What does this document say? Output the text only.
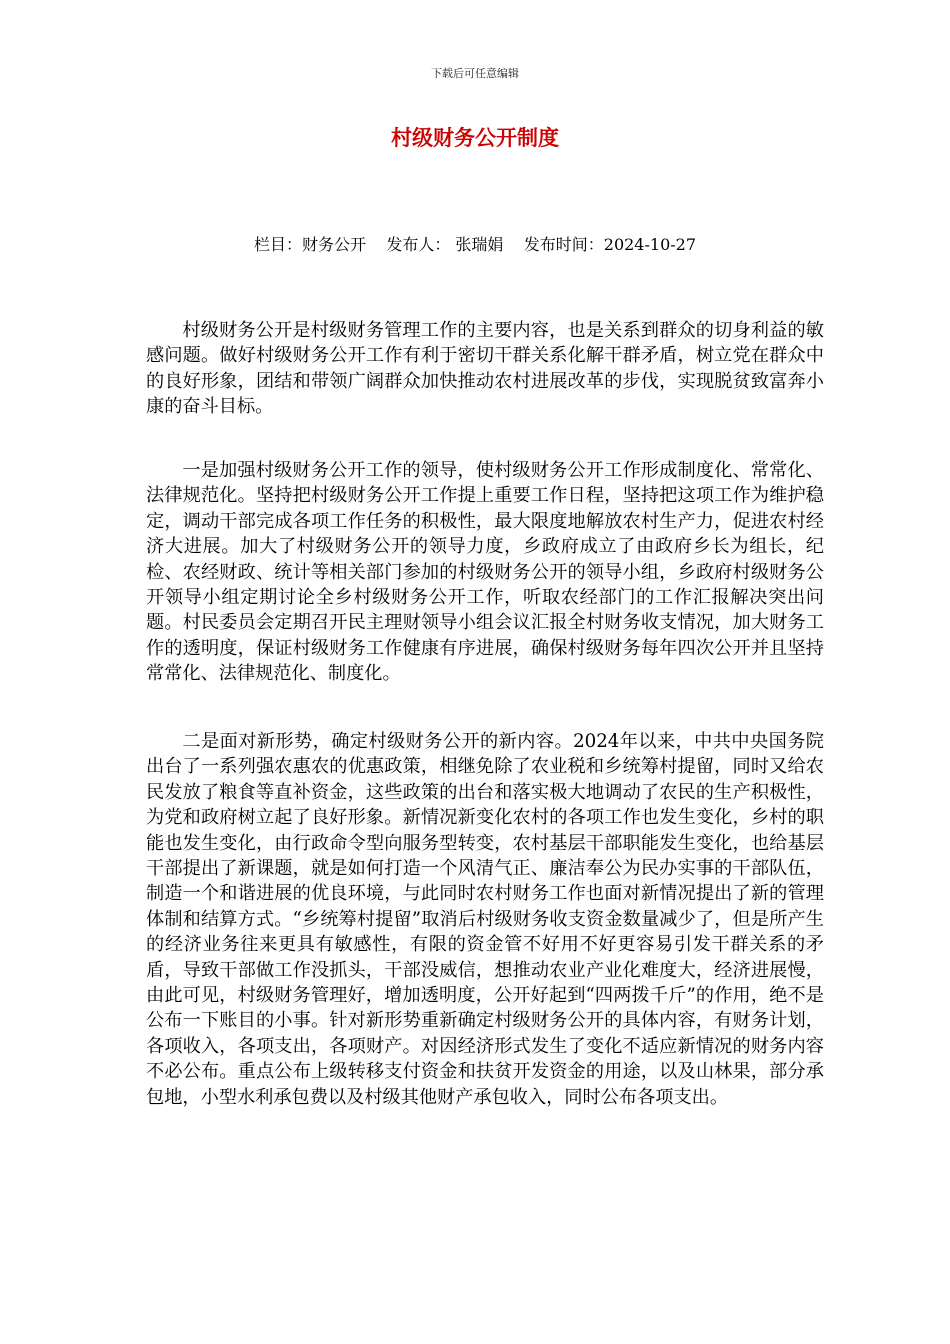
下载后可任意编辑
村级财务公开制度
栏目：财务公开    发布人： 张瑞娟    发布时间：2024-10-27

村级财务公开是村级财务管理工作的主要内容，也是关系到群众的切身利益的敏感问题。做好村级财务公开工作有利于密切干群关系化解干群矛盾，树立党在群众中的良好形象，团结和带领广阔群众加快推动农村进展改革的步伐，实现脱贫致富奔小康的奋斗目标。

一是加强村级财务公开工作的领导，使村级财务公开工作形成制度化、常常化、法律规范化。坚持把村级财务公开工作提上重要工作日程，坚持把这项工作为维护稳定，调动干部完成各项工作任务的积极性，最大限度地解放农村生产力，促进农村经济大进展。加大了村级财务公开的领导力度，乡政府成立了由政府乡长为组长，纪检、农经财政、统计等相关部门参加的村级财务公开的领导小组，乡政府村级财务公开领导小组定期讨论全乡村级财务公开工作，听取农经部门的工作汇报解决突出问题。村民委员会定期召开民主理财领导小组会议汇报全村财务收支情况，加大财务工作的透明度，保证村级财务工作健康有序进展，确保村级财务每年四次公开并且坚持常常化、法律规范化、制度化。

二是面对新形势，确定村级财务公开的新内容。2024年以来，中共中央国务院出台了一系列强农惠农的优惠政策，相继免除了农业税和乡统筹村提留，同时又给农民发放了粮食等直补资金，这些政策的出台和落实极大地调动了农民的生产积极性，为党和政府树立起了良好形象。新情况新变化农村的各项工作也发生变化，乡村的职能也发生变化，由行政命令型向服务型转变，农村基层干部职能发生变化，也给基层干部提出了新课题，就是如何打造一个风清气正、廉洁奉公为民办实事的干部队伍，制造一个和谐进展的优良环境，与此同时农村财务工作也面对新情况提出了新的管理体制和结算方式。“乡统筹村提留”取消后村级财务收支资金数量减少了，但是所产生的经济业务往来更具有敏感性，有限的资金管不好用不好更容易引发干群关系的矛盾，导致干部做工作没抓头，干部没威信，想推动农业产业化难度大，经济进展慢，由此可见，村级财务管理好，增加透明度，公开好起到“四两拨千斤”的作用，绝不是公布一下账目的小事。针对新形势重新确定村级财务公开的具体内容，有财务计划，各项收入，各项支出，各项财产。对因经济形式发生了变化不适应新情况的财务内容不必公布。重点公布上级转移支付资金和扶贫开发资金的用途，以及山林果，部分承包地，小型水利承包费以及村级其他财产承包收入，同时公布各项支出。
